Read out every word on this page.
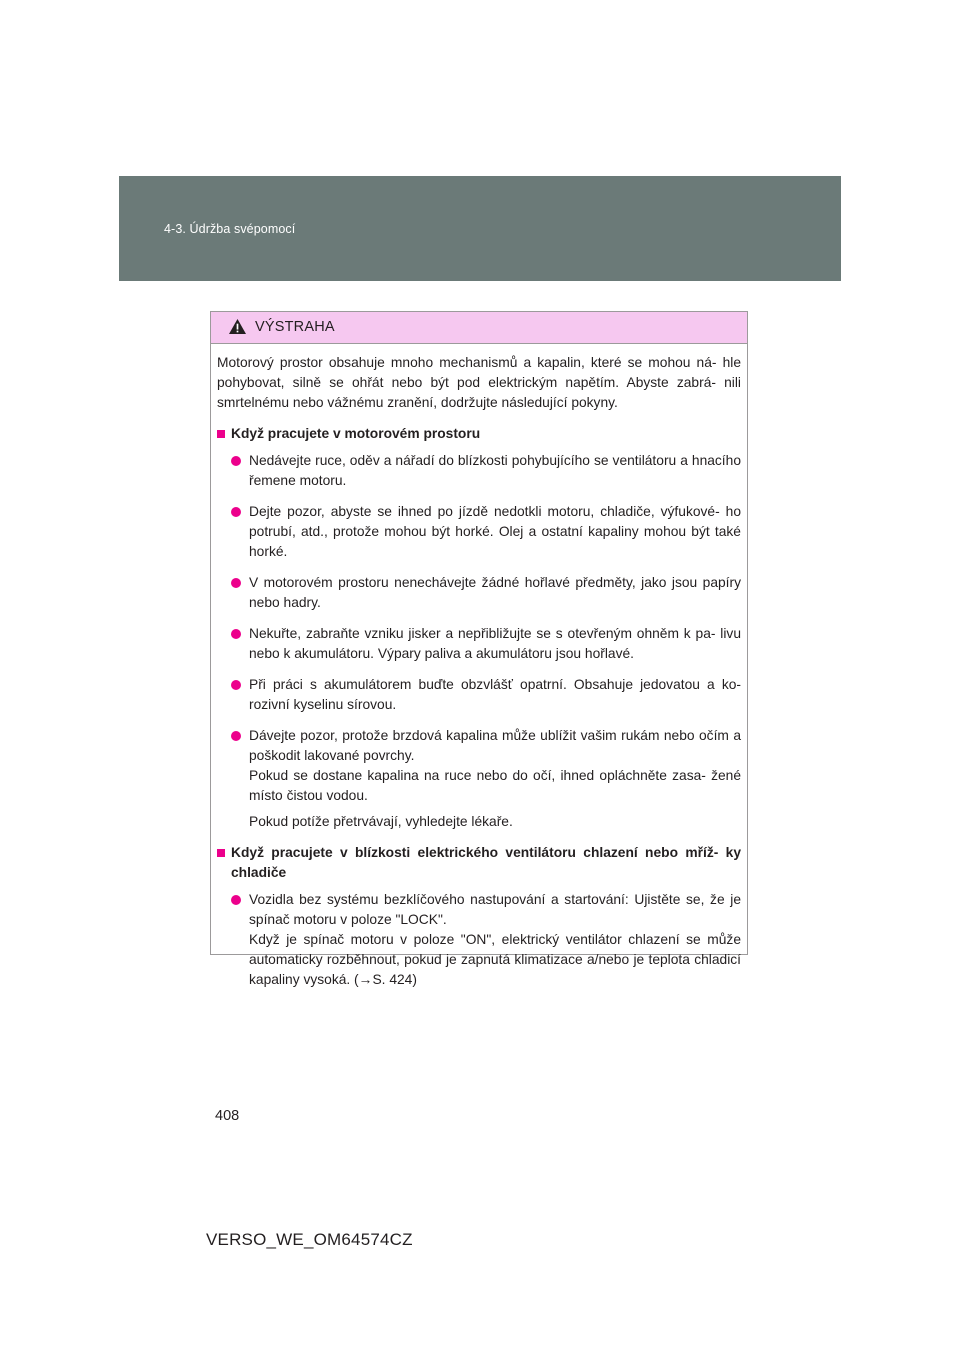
4-3. Údržba svépomocí
VÝSTRAHA

Motorový prostor obsahuje mnoho mechanismů a kapalin, které se mohou ná- hle pohybovat, silně se ohřát nebo být pod elektrickým napětím. Abyste zabrá- nili smrtelnému nebo vážnému zranění, dodržujte následující pokyny.

Když pracujete v motorovém prostoru
Nedávejte ruce, oděv a nářadí do blízkosti pohybujícího se ventilátoru a hnacího řemene motoru.
Dejte pozor, abyste se ihned po jízdě nedotkli motoru, chladiče, výfukové- ho potrubí, atd., protože mohou být horké. Olej a ostatní kapaliny mohou být také horké.
V motorovém prostoru nenechávejte žádné hořlavé předměty, jako jsou papíry nebo hadry.
Nekuřte, zabraňte vzniku jisker a nepřibližujte se s otevřeným ohněm k pa- livu nebo k akumulátoru. Výpary paliva a akumulátoru jsou hořlavé.
Při práci s akumulátorem buďte obzvlášť opatrní. Obsahuje jedovatou a ko- rozivní kyselinu sírovou.
Dávejte pozor, protože brzdová kapalina může ublížit vašim rukám nebo očím a poškodit lakované povrchy.
Pokud se dostane kapalina na ruce nebo do očí, ihned opláchněte zasa- žené místo čistou vodou.
Pokud potíže přetrvávají, vyhledejte lékaře.
Když pracujete v blízkosti elektrického ventilátoru chlazení nebo mříž- ky chladiče
Vozidla bez systému bezklíčového nastupování a startování: Ujistěte se, že je spínač motoru v poloze "LOCK".
Když je spínač motoru v poloze "ON", elektrický ventilátor chlazení se může automaticky rozběhnout, pokud je zapnutá klimatizace a/nebo je teplota chladicí kapaliny vysoká. (→S. 424)
408
VERSO_WE_OM64574CZ
